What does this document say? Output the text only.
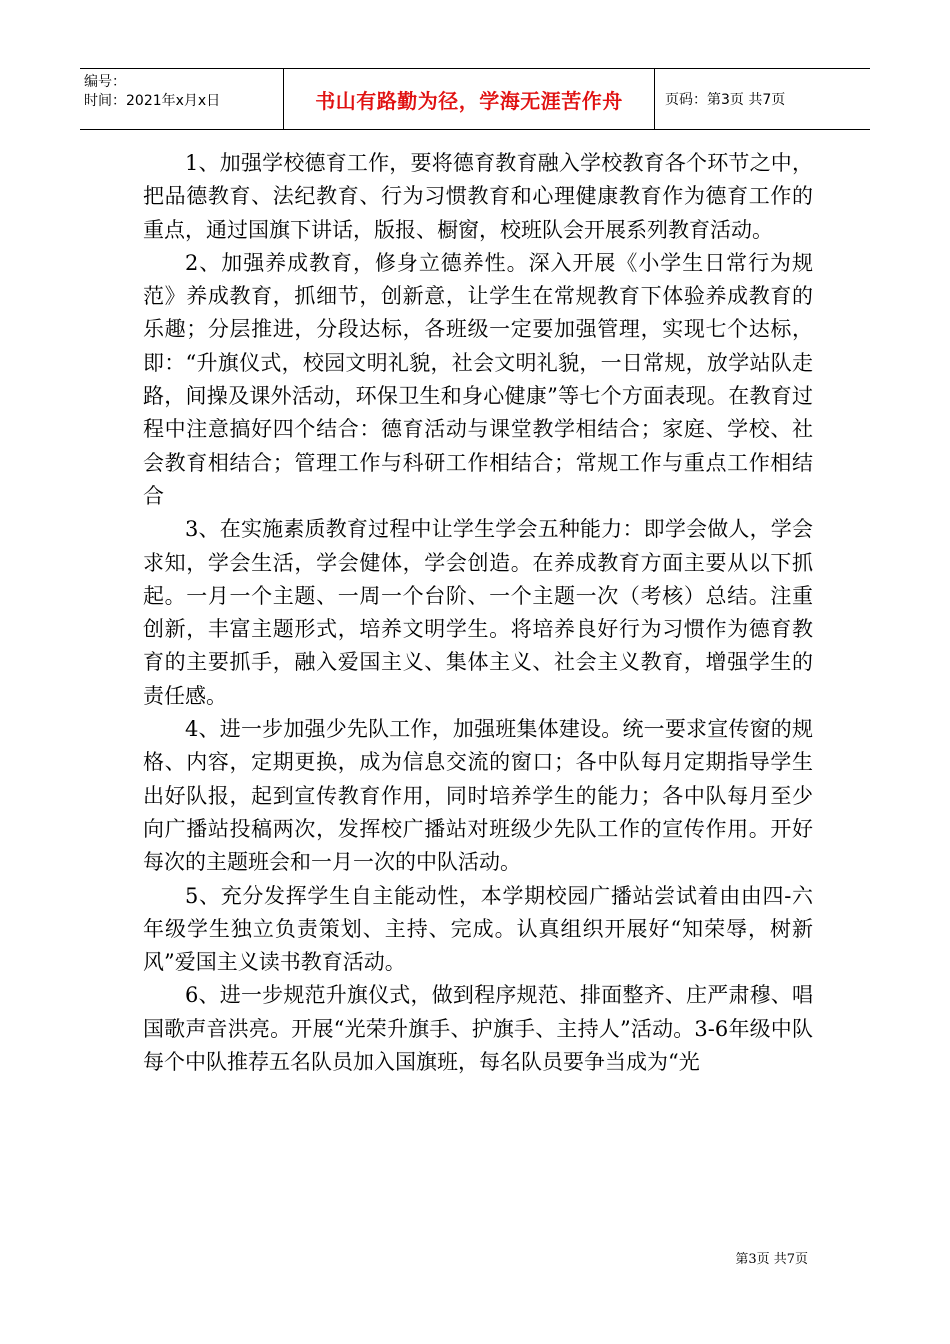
编号：
时间：2021年x月x日	书山有路勤为径，学海无涯苦作舟	页码：第3页 共7页

1、加强学校德育工作，要将德育教育融入学校教育各个环节之中，把品德教育、法纪教育、行为习惯教育和心理健康教育作为德育工作的重点，通过国旗下讲话，版报、橱窗，校班队会开展系列教育活动。

2、加强养成教育，修身立德养性。深入开展《小学生日常行为规范》养成教育，抓细节，创新意，让学生在常规教育下体验养成教育的乐趣；分层推进，分段达标，各班级一定要加强管理，实现七个达标，即：“升旗仪式，校园文明礼貌，社会文明礼貌，一日常规，放学站队走路，间操及课外活动，环保卫生和身心健康”等七个方面表现。在教育过程中注意搞好四个结合：德育活动与课堂教学相结合；家庭、学校、社会教育相结合；管理工作与科研工作相结合；常规工作与重点工作相结合

3、在实施素质教育过程中让学生学会五种能力：即学会做人，学会求知，学会生活，学会健体，学会创造。在养成教育方面主要从以下抓起。一月一个主题、一周一个台阶、一个主题一次（考核）总结。注重创新，丰富主题形式，培养文明学生。将培养良好行为习惯作为德育教育的主要抓手，融入爱国主义、集体主义、社会主义教育，增强学生的责任感。

4、进一步加强少先队工作，加强班集体建设。统一要求宣传窗的规格、内容，定期更换，成为信息交流的窗口；各中队每月定期指导学生出好队报，起到宣传教育作用，同时培养学生的能力；各中队每月至少向广播站投稿两次，发挥校广播站对班级少先队工作的宣传作用。开好每次的主题班会和一月一次的中队活动。

5、充分发挥学生自主能动性，本学期校园广播站尝试着由由四-六年级学生独立负责策划、主持、完成。认真组织开展好“知荣辱，树新风”爱国主义读书教育活动。

6、进一步规范升旗仪式，做到程序规范、排面整齐、庄严肃穆、唱国歌声音洪亮。开展“光荣升旗手、护旗手、主持人”活动。3-6年级中队每个中队推荐五名队员加入国旗班，每名队员要争当成为“光

第3页 共7页
